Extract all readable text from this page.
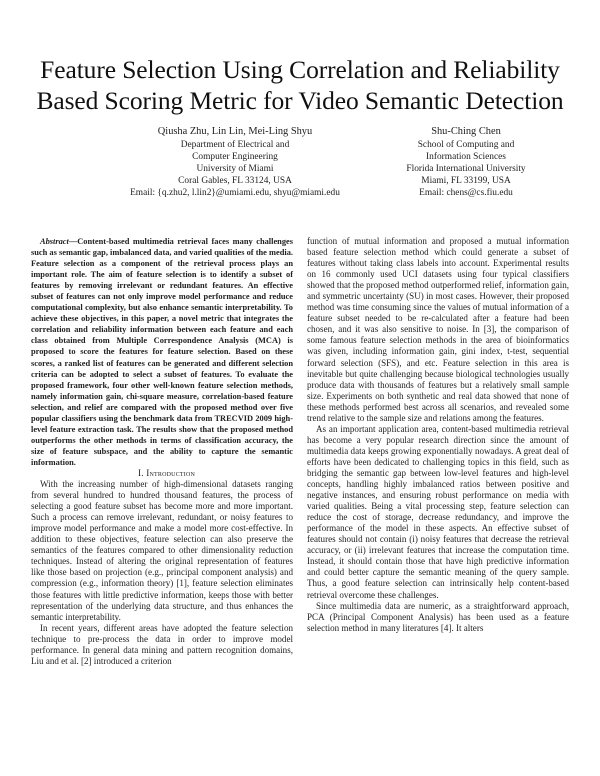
Feature Selection Using Correlation and Reliability
Based Scoring Metric for Video Semantic Detection
Qiusha Zhu, Lin Lin, Mei-Ling Shyu
Department of Electrical and
Computer Engineering
University of Miami
Coral Gables, FL 33124, USA
Email: {q.zhu2, l.lin2}@umiami.edu, shyu@miami.edu
Shu-Ching Chen
School of Computing and
Information Sciences
Florida International University
Miami, FL 33199, USA
Email: chens@cs.fiu.edu

Abstract—Content-based multimedia retrieval faces many challenges such as semantic gap, imbalanced data, and varied qualities of the media. Feature selection as a component of the retrieval process plays an important role. The aim of feature selection is to identify a subset of features by removing irrelevant or redundant features. An effective subset of features can not only improve model performance and reduce computational complexity, but also enhance semantic interpretability. To achieve these objectives, in this paper, a novel metric that integrates the correlation and reliability information between each feature and each class obtained from Multiple Correspondence Analysis (MCA) is proposed to score the features for feature selection. Based on these scores, a ranked list of features can be generated and different selection criteria can be adopted to select a subset of features. To evaluate the proposed framework, four other well-known feature selection methods, namely information gain, chi-square measure, correlation-based feature selection, and relief are compared with the proposed method over five popular classifiers using the benchmark data from TRECVID 2009 high-level feature extraction task. The results show that the proposed method outperforms the other methods in terms of classification accuracy, the size of feature subspace, and the ability to capture the semantic information.

I. Introduction

With the increasing number of high-dimensional datasets ranging from several hundred to hundred thousand features, the process of selecting a good feature subset has become more and more important. Such a process can remove irrelevant, redundant, or noisy features to improve model performance and make a model more cost-effective. In addition to these objectives, feature selection can also preserve the semantics of the features compared to other dimensionality reduction techniques. Instead of altering the original representation of features like those based on projection (e.g., principal component analysis) and compression (e.g., information theory) [1], feature selection eliminates those features with little predictive information, keeps those with better representation of the underlying data structure, and thus enhances the semantic interpretability.

In recent years, different areas have adopted the feature selection technique to pre-process the data in order to improve model performance. In general data mining and pattern recognition domains, Liu and et al. [2] introduced a criterion

function of mutual information and proposed a mutual information based feature selection method which could generate a subset of features without taking class labels into account. Experimental results on 16 commonly used UCI datasets using four typical classifiers showed that the proposed method outperformed relief, information gain, and symmetric uncertainty (SU) in most cases. However, their proposed method was time consuming since the values of mutual information of a feature subset needed to be re-calculated after a feature had been chosen, and it was also sensitive to noise. In [3], the comparison of some famous feature selection methods in the area of bioinformatics was given, including information gain, gini index, t-test, sequential forward selection (SFS), and etc. Feature selection in this area is inevitable but quite challenging because biological technologies usually produce data with thousands of features but a relatively small sample size. Experiments on both synthetic and real data showed that none of these methods performed best across all scenarios, and revealed some trend relative to the sample size and relations among the features.

As an important application area, content-based multimedia retrieval has become a very popular research direction since the amount of multimedia data keeps growing exponentially nowadays. A great deal of efforts have been dedicated to challenging topics in this field, such as bridging the semantic gap between low-level features and high-level concepts, handling highly imbalanced ratios between positive and negative instances, and ensuring robust performance on media with varied qualities. Being a vital processing step, feature selection can reduce the cost of storage, decrease redundancy, and improve the performance of the model in these aspects. An effective subset of features should not contain (i) noisy features that decrease the retrieval accuracy, or (ii) irrelevant features that increase the computation time. Instead, it should contain those that have high predictive information and could better capture the semantic meaning of the query sample. Thus, a good feature selection can intrinsically help content-based retrieval overcome these challenges.

Since multimedia data are numeric, as a straightforward approach, PCA (Principal Component Analysis) has been used as a feature selection method in many literatures [4]. It alters
